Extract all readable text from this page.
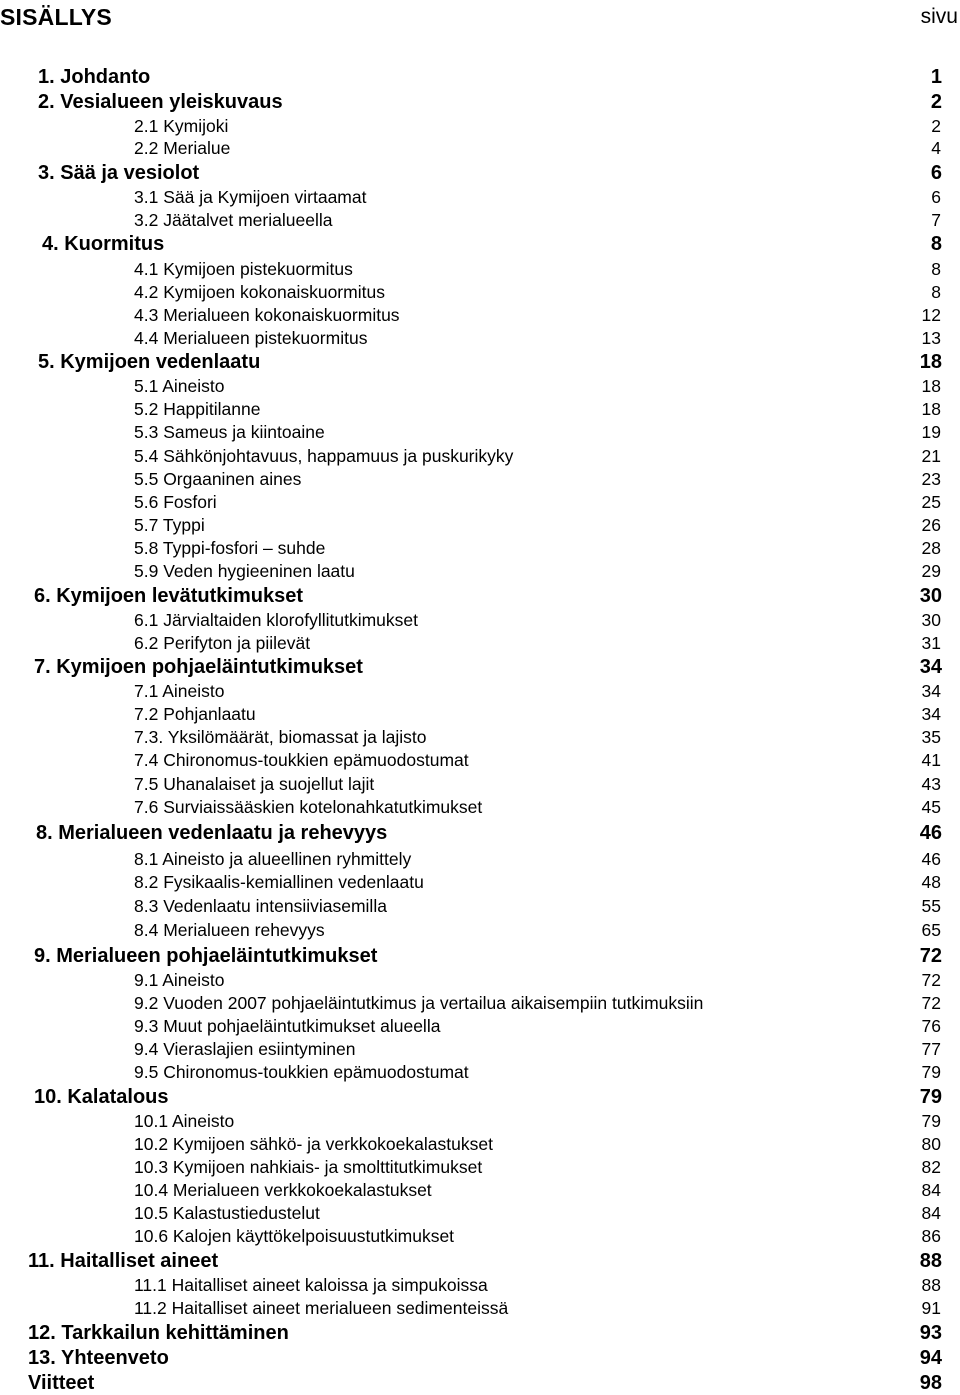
SISÄLLYS	sivu
1. Johdanto	1
2. Vesialueen yleiskuvaus	2
2.1 Kymijoki	2
2.2 Merialue	4
3. Sää ja vesiolot	6
3.1 Sää ja Kymijoen virtaamat	6
3.2 Jäätalvet merialueella	7
4. Kuormitus	8
4.1 Kymijoen pistekuormitus	8
4.2 Kymijoen kokonaiskuormitus	8
4.3 Merialueen kokonaiskuormitus	12
4.4 Merialueen pistekuormitus	13
5. Kymijoen vedenlaatu	18
5.1 Aineisto	18
5.2 Happitilanne	18
5.3 Sameus ja kiintoaine	19
5.4 Sähkönjohtavuus, happamuus ja puskurikyky	21
5.5 Orgaaninen aines	23
5.6 Fosfori	25
5.7 Typpi	26
5.8 Typpi-fosfori – suhde	28
5.9 Veden hygieeninen laatu	29
6. Kymijoen levätutkimukset	30
6.1 Järvialtaiden klorofyllitutkimukset	30
6.2 Perifyton ja piilevät	31
7. Kymijoen pohjaeläintutkimukset	34
7.1 Aineisto	34
7.2 Pohjanlaatu	34
7.3. Yksilömäärät, biomassat ja lajisto	35
7.4 Chironomus-toukkien epämuodostumat	41
7.5 Uhanalaiset ja suojellut lajit	43
7.6 Surviaissääskien kotelonahkatutkimukset	45
8. Merialueen vedenlaatu ja rehevyys	46
8.1 Aineisto ja alueellinen ryhmittely	46
8.2 Fysikaalis-kemiallinen vedenlaatu	48
8.3 Vedenlaatu intensiiviasemilla	55
8.4 Merialueen rehevyys	65
9. Merialueen pohjaeläintutkimukset	72
9.1 Aineisto	72
9.2 Vuoden 2007 pohjaeläintutkimus ja vertailua aikaisempiin tutkimuksiin	72
9.3 Muut pohjaeläintutkimukset alueella	76
9.4 Vieraslajien esiintyminen	77
9.5 Chironomus-toukkien epämuodostumat	79
10. Kalatalous	79
10.1 Aineisto	79
10.2 Kymijoen sähkö- ja verkkokoekalastukset	80
10.3 Kymijoen nahkiais- ja smolttitutkimukset	82
10.4 Merialueen verkkokoekalastukset	84
10.5 Kalastustiedustelut	84
10.6 Kalojen käyttökelpoisuustutkimukset	86
11. Haitalliset aineet	88
11.1 Haitalliset aineet kaloissa ja simpukoissa	88
11.2 Haitalliset aineet merialueen sedimenteissä	91
12. Tarkkailun kehittäminen	93
13. Yhteenveto	94
Viitteet	98
